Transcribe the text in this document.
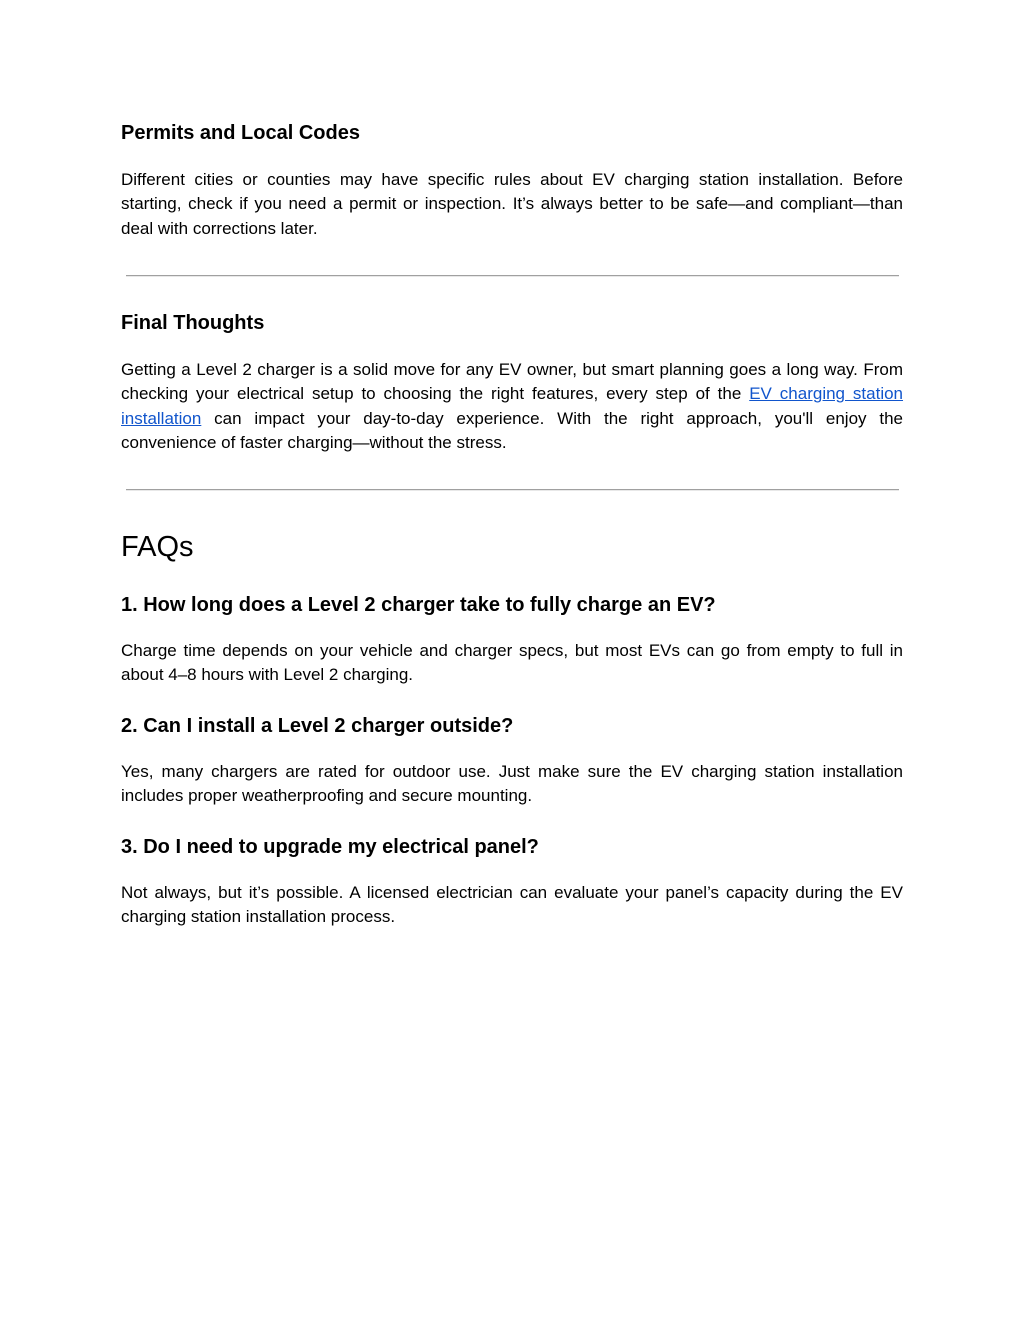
Permits and Local Codes

Different cities or counties may have specific rules about EV charging station installation. Before starting, check if you need a permit or inspection. It’s always better to be safe—and compliant—than deal with corrections later.

Final Thoughts

Getting a Level 2 charger is a solid move for any EV owner, but smart planning goes a long way. From checking your electrical setup to choosing the right features, every step of the EV charging station installation can impact your day-to-day experience. With the right approach, you'll enjoy the convenience of faster charging—without the stress.

FAQs
1. How long does a Level 2 charger take to fully charge an EV?

Charge time depends on your vehicle and charger specs, but most EVs can go from empty to full in about 4–8 hours with Level 2 charging.

2. Can I install a Level 2 charger outside?

Yes, many chargers are rated for outdoor use. Just make sure the EV charging station installation includes proper weatherproofing and secure mounting.

3. Do I need to upgrade my electrical panel?

Not always, but it’s possible. A licensed electrician can evaluate your panel’s capacity during the EV charging station installation process.
